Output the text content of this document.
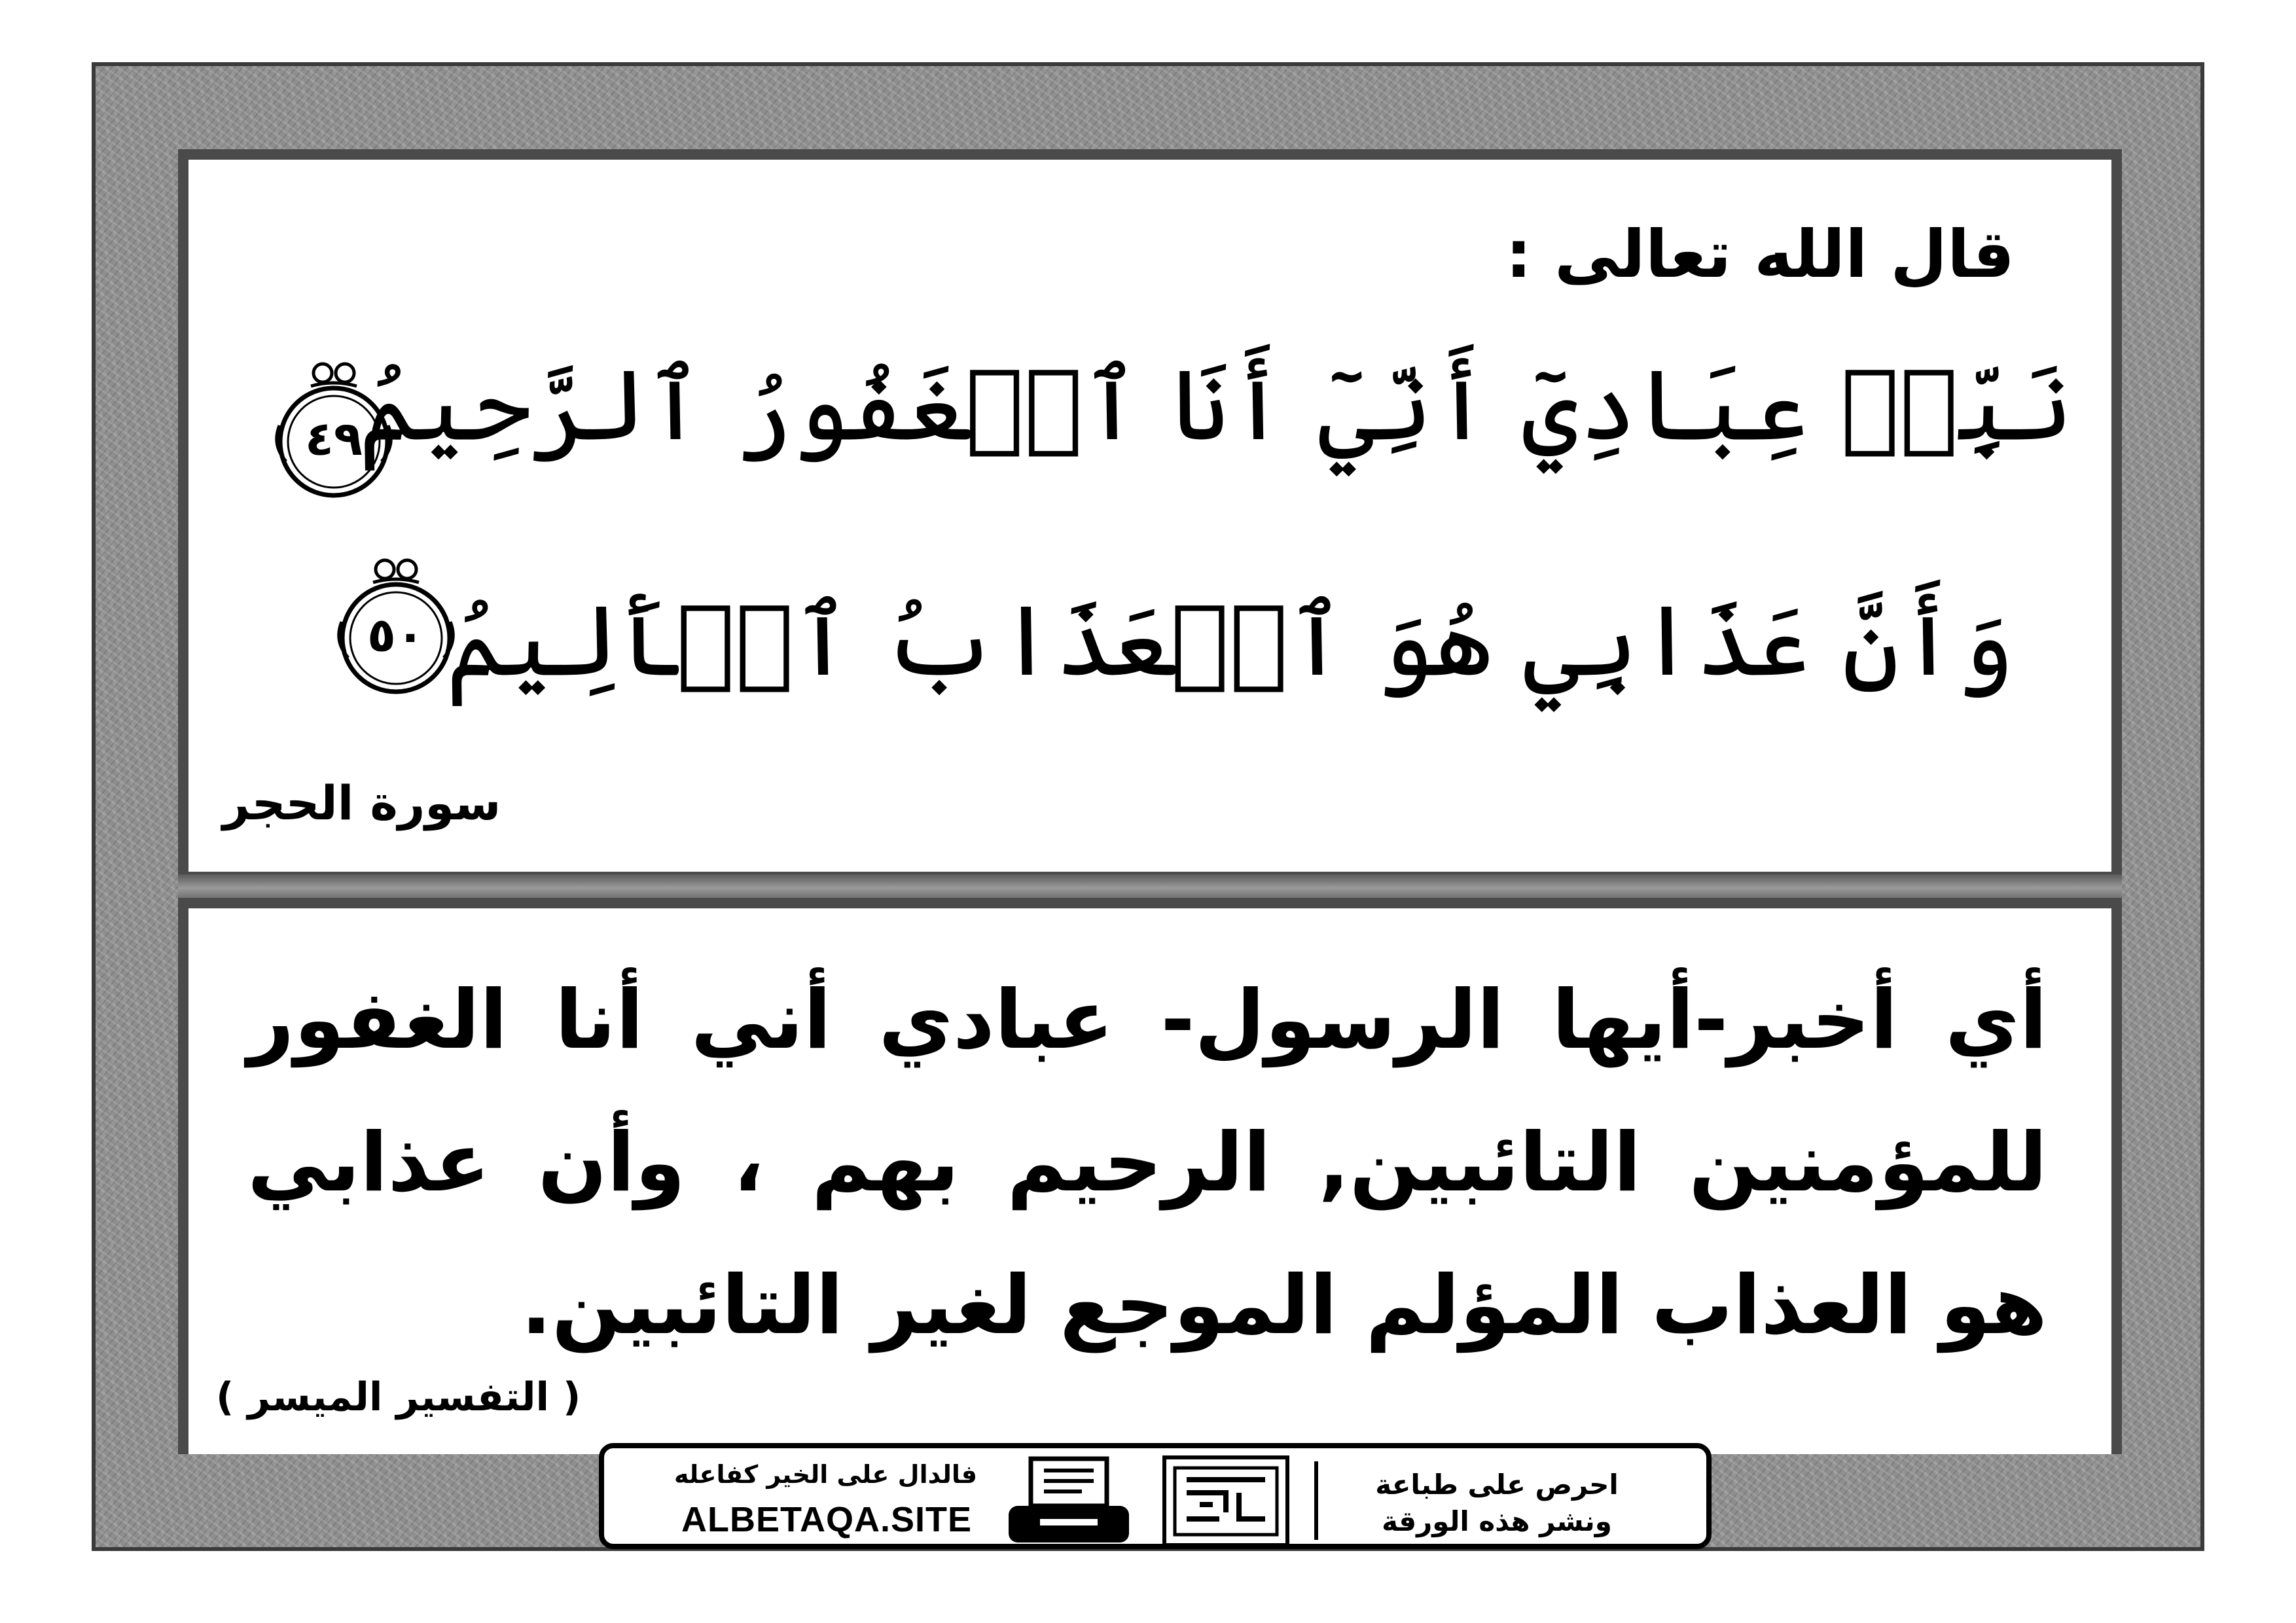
قال الله تعالى :
نَبِّئۡ عِبَادِيٓ أَنِّيٓ أَنَا ٱلۡغَفُورُ ٱلرَّحِيمُ
وَأَنَّ عَذَابِي هُوَ ٱلۡعَذَابُ ٱلۡأَلِيمُ
٤٩
٥٠
سورة الحجر
أي أخبر-أيها الرسول- عبادي أني أنا الغفور للمؤمنين التائبين, الرحيم بهم ، وأن عذابي هو العذاب المؤلم الموجع لغير التائبين.
( التفسير الميسر )
فالدال على الخير كفاعله
ALBETAQA.SITE
احرص على طباعة
ونشر هذه الورقة
